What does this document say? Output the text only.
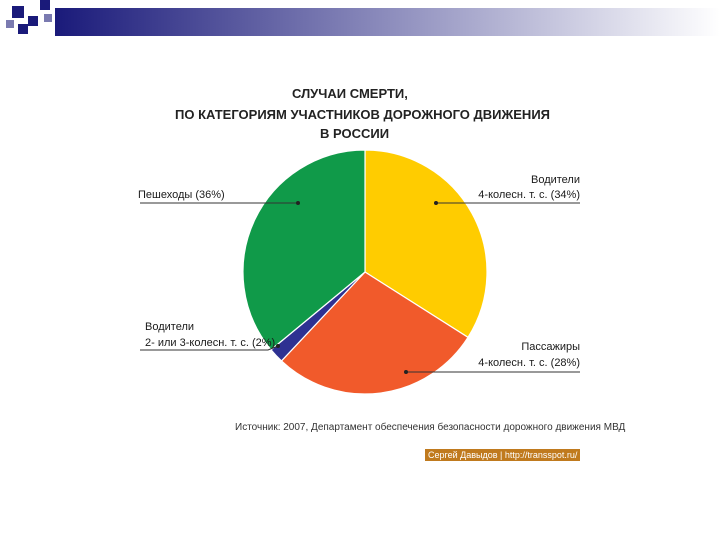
СЛУЧАИ СМЕРТИ,
ПО КАТЕГОРИЯМ УЧАСТНИКОВ ДОРОЖНОГО ДВИЖЕНИЯ
В РОССИИ
Водители
4-колесн. т. с. (34%)
Пешеходы (36%)
Водители
2- или 3-колесн. т. с. (2%)	Пассажиры
4-колесн. т. с. (28%)
Источник: 2007, Департамент обеспечения безопасности дорожного движения МВД
Сергей Давыдов | http://transspot.ru/
